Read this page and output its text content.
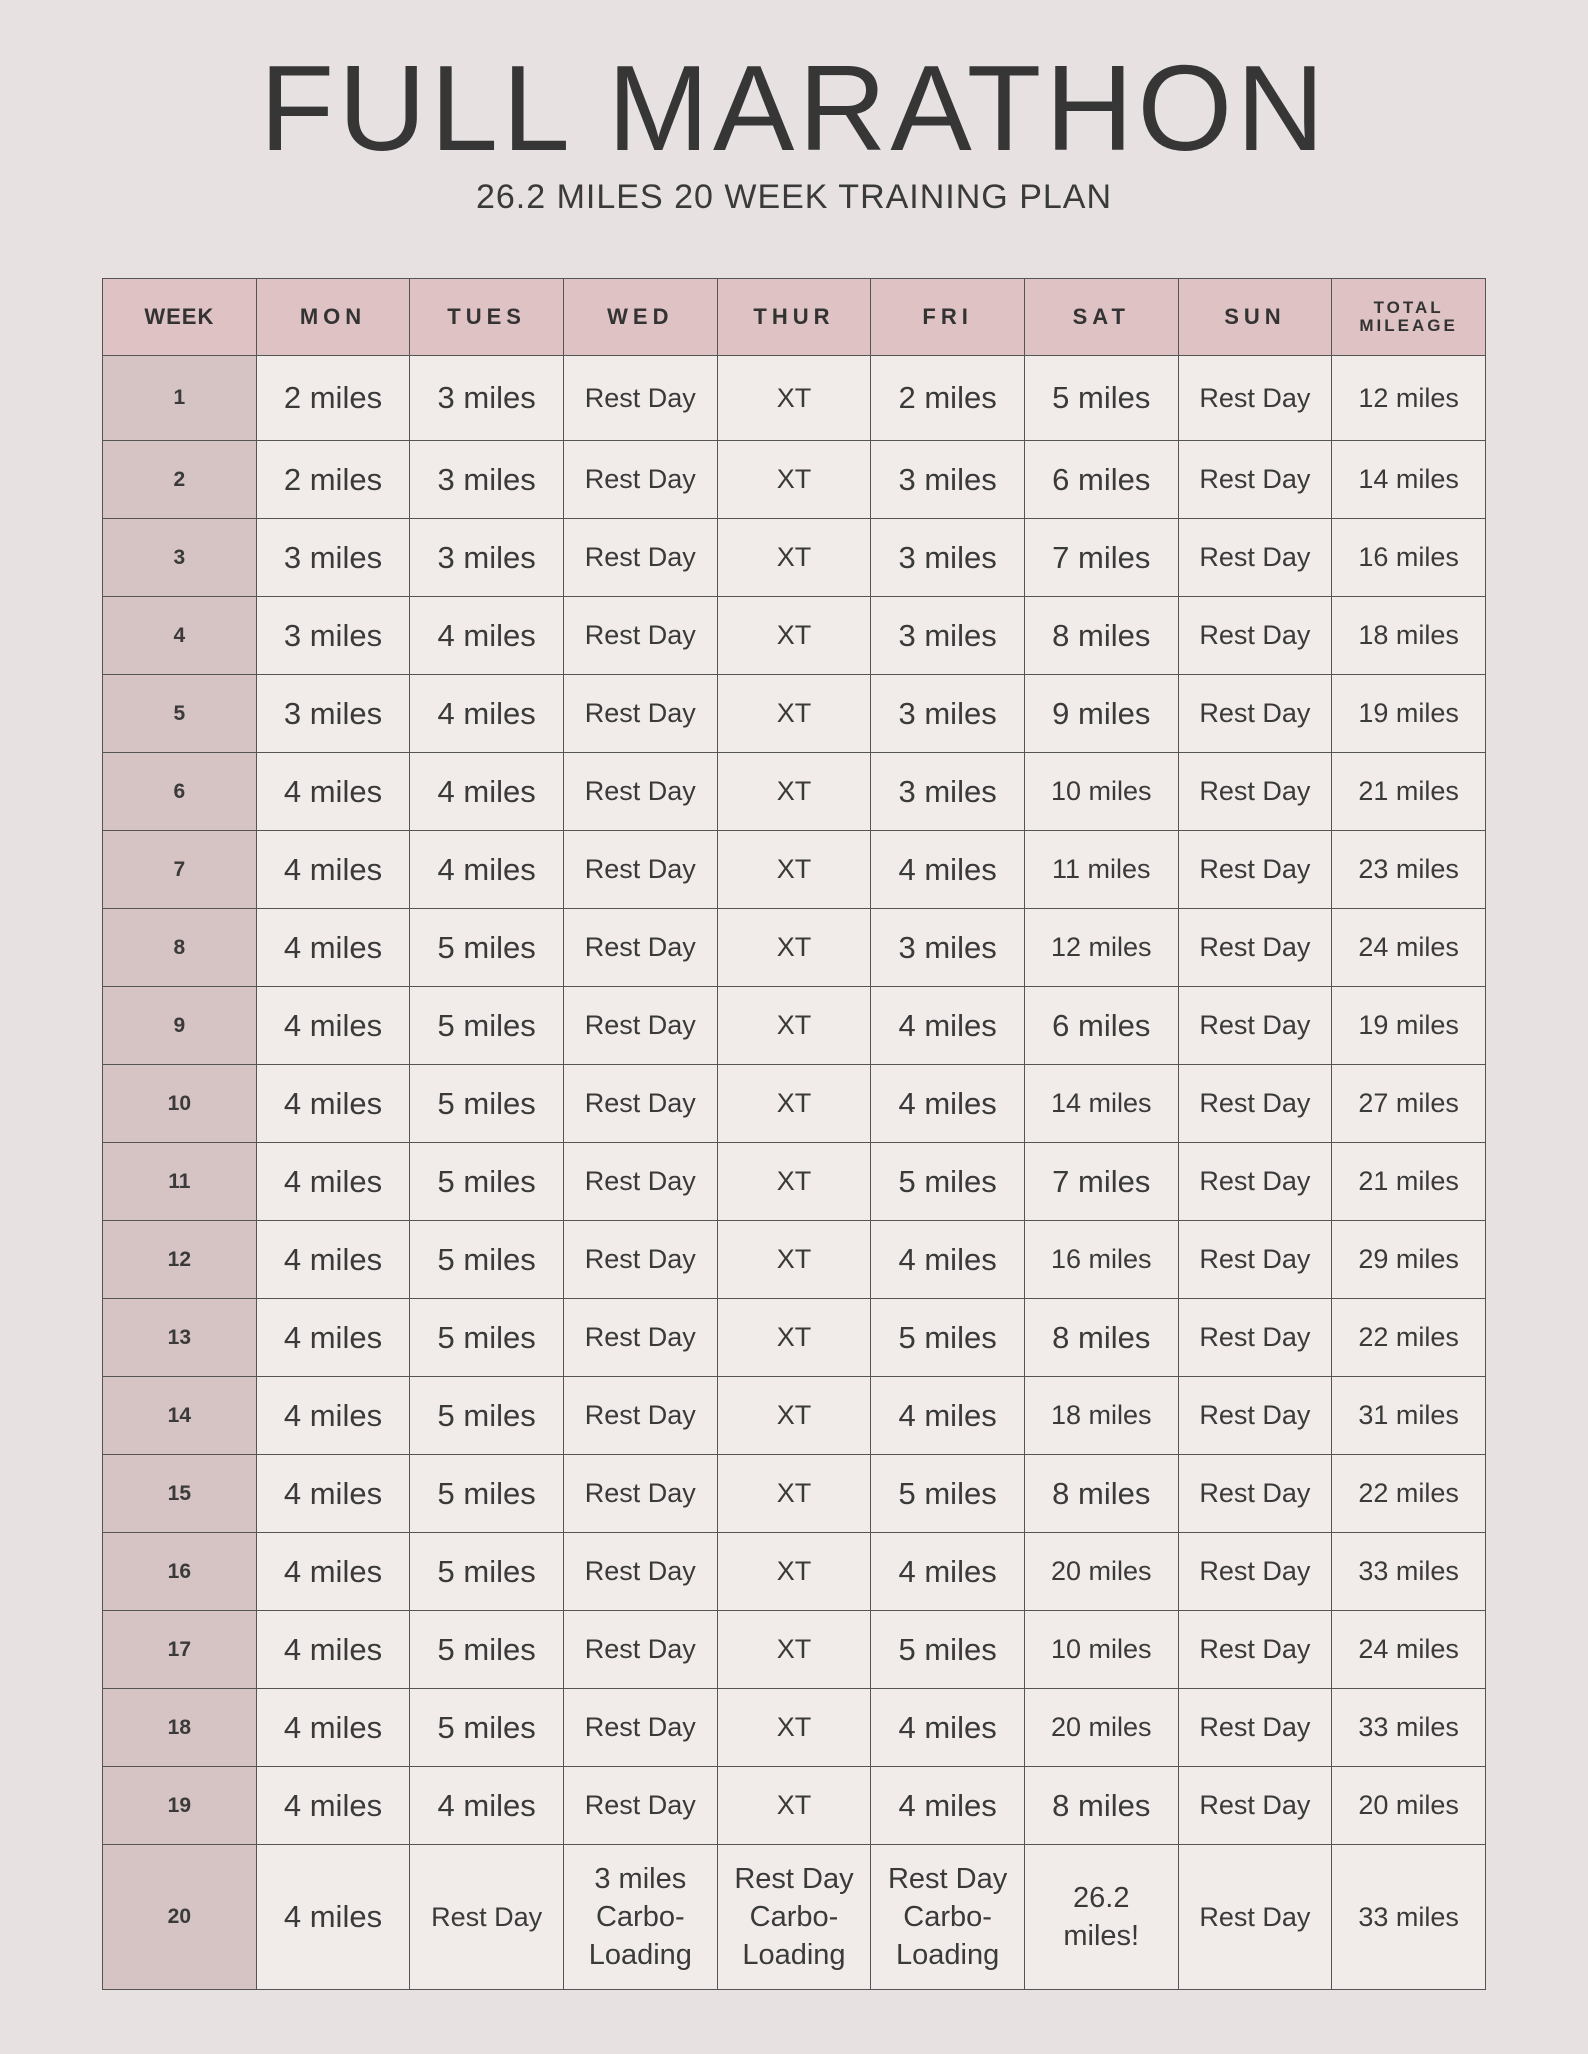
FULL MARATHON
26.2 MILES 20 WEEK TRAINING PLAN
WEEK	MON	TUES	WED	THUR	FRI	SAT	SUN	TOTAL
MILEAGE
1	2 miles	3 miles	Rest Day	XT	2 miles	5 miles	Rest Day	12 miles
2	2 miles	3 miles	Rest Day	XT	3 miles	6 miles	Rest Day	14 miles
3	3 miles	3 miles	Rest Day	XT	3 miles	7 miles	Rest Day	16 miles
4	3 miles	4 miles	Rest Day	XT	3 miles	8 miles	Rest Day	18 miles
5	3 miles	4 miles	Rest Day	XT	3 miles	9 miles	Rest Day	19 miles
6	4 miles	4 miles	Rest Day	XT	3 miles	10 miles	Rest Day	21 miles
7	4 miles	4 miles	Rest Day	XT	4 miles	11 miles	Rest Day	23 miles
8	4 miles	5 miles	Rest Day	XT	3 miles	12 miles	Rest Day	24 miles
9	4 miles	5 miles	Rest Day	XT	4 miles	6 miles	Rest Day	19 miles
10	4 miles	5 miles	Rest Day	XT	4 miles	14 miles	Rest Day	27 miles
11	4 miles	5 miles	Rest Day	XT	5 miles	7 miles	Rest Day	21 miles
12	4 miles	5 miles	Rest Day	XT	4 miles	16 miles	Rest Day	29 miles
13	4 miles	5 miles	Rest Day	XT	5 miles	8 miles	Rest Day	22 miles
14	4 miles	5 miles	Rest Day	XT	4 miles	18 miles	Rest Day	31 miles
15	4 miles	5 miles	Rest Day	XT	5 miles	8 miles	Rest Day	22 miles
16	4 miles	5 miles	Rest Day	XT	4 miles	20 miles	Rest Day	33 miles
17	4 miles	5 miles	Rest Day	XT	5 miles	10 miles	Rest Day	24 miles
18	4 miles	5 miles	Rest Day	XT	4 miles	20 miles	Rest Day	33 miles
19	4 miles	4 miles	Rest Day	XT	4 miles	8 miles	Rest Day	20 miles
20	4 miles	Rest Day	3 miles
Carbo-
Loading	Rest Day
Carbo-
Loading	Rest Day
Carbo-
Loading	26.2
miles!	Rest Day	33 miles
